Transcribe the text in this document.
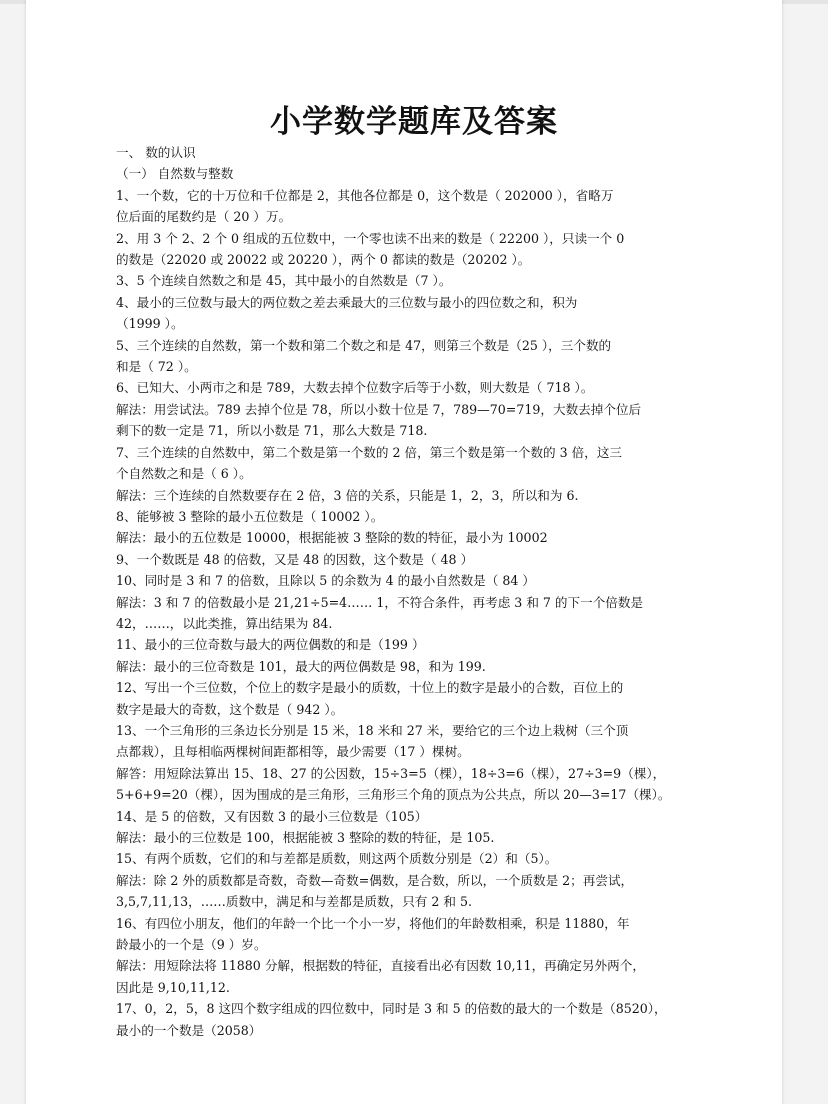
小学数学题库及答案

一、 数的认识

（一） 自然数与整数

1、一个数，它的十万位和千位都是 2，其他各位都是 0，这个数是（ 202000 ），省略万

位后面的尾数约是（ 20 ）万。

2、用 3 个 2、2 个 0 组成的五位数中，一个零也读不出来的数是（ 22200 ），只读一个 0

的数是（22020 或 20022 或 20220 ），两个 0 都读的数是（20202 ）。

3、5 个连续自然数之和是 45，其中最小的自然数是（7 ）。

4、最小的三位数与最大的两位数之差去乘最大的三位数与最小的四位数之和，积为

（1999 ）。

5、三个连续的自然数，第一个数和第二个数之和是 47，则第三个数是（25 ），三个数的

和是（ 72 ）。

6、已知大、小两市之和是 789，大数去掉个位数字后等于小数，则大数是（ 718 ）。

解法：用尝试法。789 去掉个位是 78，所以小数十位是 7，789—70=719，大数去掉个位后

剩下的数一定是 71，所以小数是 71，那么大数是 718.

7、三个连续的自然数中，第二个数是第一个数的 2 倍，第三个数是第一个数的 3 倍，这三

个自然数之和是（ 6 ）。

解法：三个连续的自然数要存在 2 倍，3 倍的关系，只能是 1，2，3，所以和为 6.

8、能够被 3 整除的最小五位数是（ 10002 ）。

解法：最小的五位数是 10000，根据能被 3 整除的数的特征，最小为 10002

9、一个数既是 48 的倍数，又是 48 的因数，这个数是（ 48 ）

10、同时是 3 和 7 的倍数，且除以 5 的余数为 4 的最小自然数是（ 84 ）

解法：3 和 7 的倍数最小是 21,21÷5=4…… 1，不符合条件，再考虑 3 和 7 的下一个倍数是

42，……，以此类推，算出结果为 84.

11、最小的三位奇数与最大的两位偶数的和是（199 ）

解法：最小的三位奇数是 101，最大的两位偶数是 98，和为 199.

12、写出一个三位数，个位上的数字是最小的质数，十位上的数字是最小的合数，百位上的

数字是最大的奇数，这个数是（ 942 ）。

13、一个三角形的三条边长分别是 15 米，18 米和 27 米，要给它的三个边上栽树（三个顶

点都栽），且每相临两棵树间距都相等，最少需要（17 ）棵树。

解答：用短除法算出 15、18、27 的公因数，15÷3=5（棵），18÷3=6（棵），27÷3=9（棵），

5+6+9=20（棵），因为围成的是三角形，三角形三个角的顶点为公共点，所以 20—3=17（棵）。

14、是 5 的倍数，又有因数 3 的最小三位数是（105）

解法：最小的三位数是 100，根据能被 3 整除的数的特征，是 105.

15、有两个质数，它们的和与差都是质数，则这两个质数分别是（2）和（5）。

解法：除 2 外的质数都是奇数，奇数—奇数=偶数，是合数，所以，一个质数是 2；再尝试，

3,5,7,11,13，……质数中，满足和与差都是质数，只有 2 和 5.

16、有四位小朋友，他们的年龄一个比一个小一岁，将他们的年龄数相乘，积是 11880，年

龄最小的一个是（9 ）岁。

解法：用短除法将 11880 分解，根据数的特征，直接看出必有因数 10,11，再确定另外两个，

因此是 9,10,11,12.

17、0，2，5，8 这四个数字组成的四位数中，同时是 3 和 5 的倍数的最大的一个数是（8520），

最小的一个数是（2058）
